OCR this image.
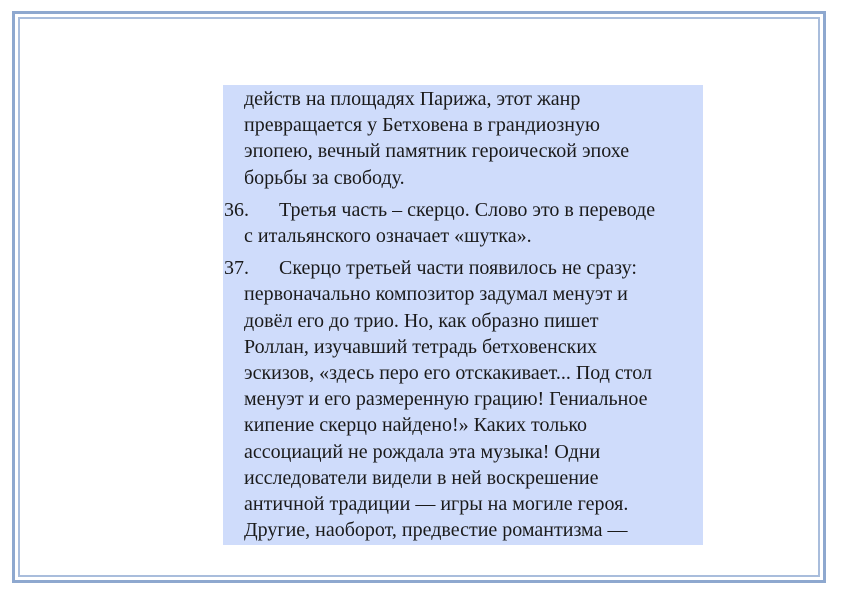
действ на площадях Парижа, этот жанр
превращается у Бетховена в грандиозную
эпопею, вечный памятник героической эпохе
борьбы за свободу.

36. Третья часть – скерцо. Слово это в переводе
с итальянского означает «шутка».

37. Скерцо третьей части появилось не сразу:
первоначально композитор задумал менуэт и
довёл его до трио. Но, как образно пишет
Роллан, изучавший тетрадь бетховенских
эскизов, «здесь перо его отскакивает... Под стол
менуэт и его размеренную грацию! Гениальное
кипение скерцо найдено!» Каких только
ассоциаций не рождала эта музыка! Одни
исследователи видели в ней воскрешение
античной традиции — игры на могиле героя.
Другие, наоборот, предвестие романтизма —
